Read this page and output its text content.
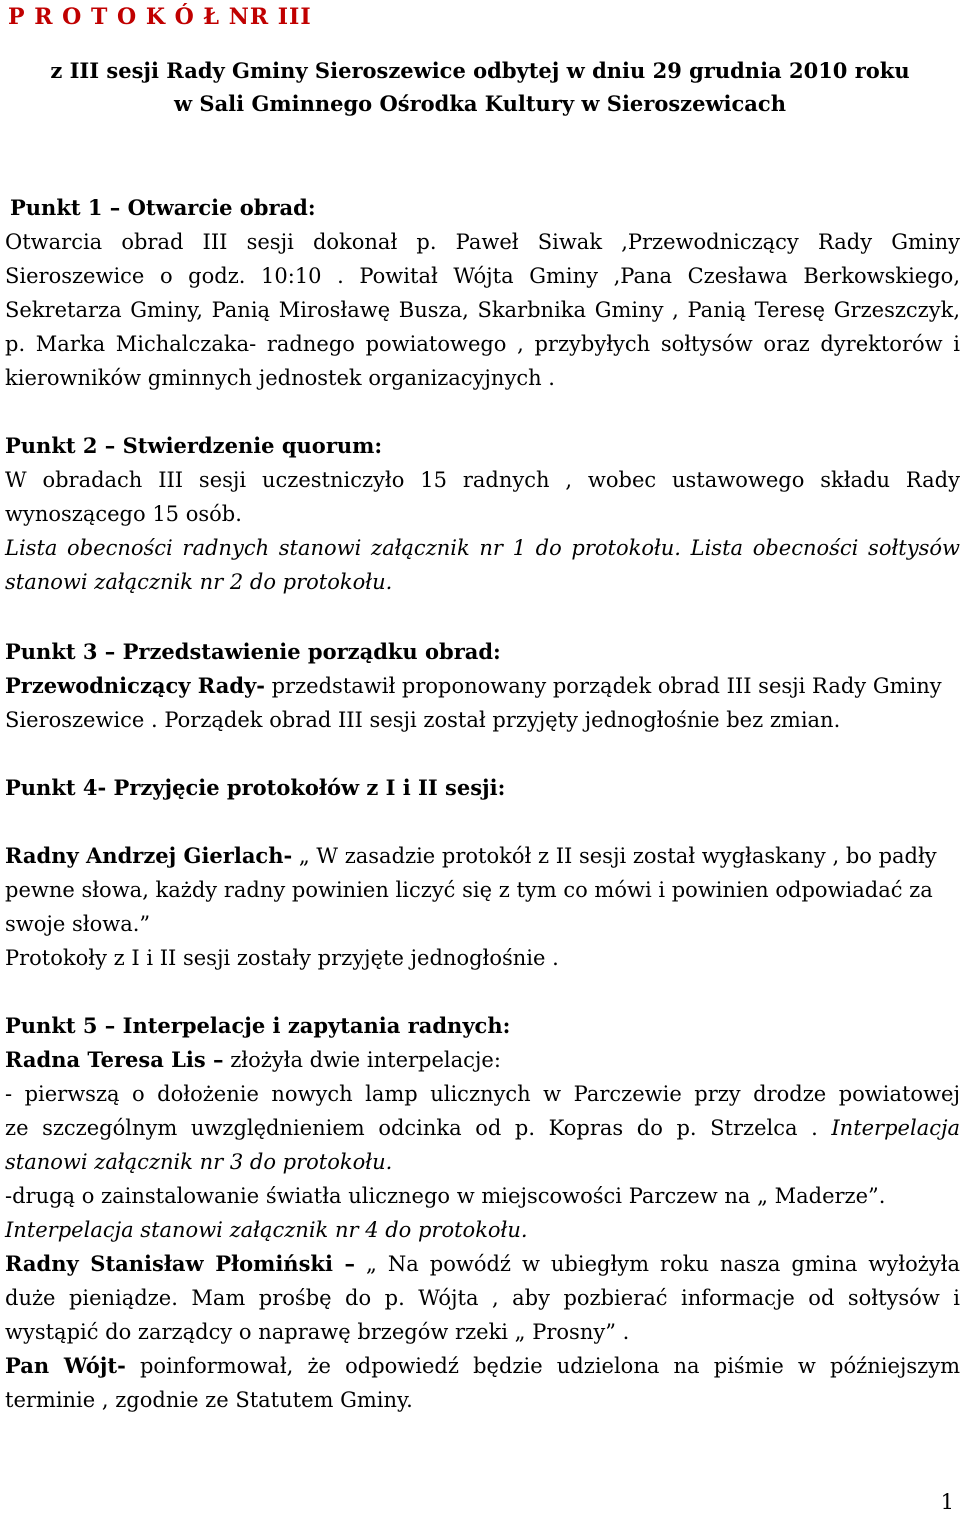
P R O T O K Ó Ł NR III
z III sesji Rady Gminy Sieroszewice odbytej w dniu 29 grudnia 2010 roku
w Sali Gminnego Ośrodka Kultury w Sieroszewicach
Punkt 1 – Otwarcie obrad:
Otwarcia obrad III sesji dokonał p. Paweł Siwak ,Przewodniczący Rady Gminy
Sieroszewice o godz. 10:10 . Powitał Wójta Gminy ,Pana Czesława Berkowskiego,
Sekretarza Gminy, Panią Mirosławę Busza, Skarbnika Gminy , Panią Teresę Grzeszczyk,
p. Marka Michalczaka- radnego powiatowego , przybyłych sołtysów oraz dyrektorów i
kierowników gminnych jednostek organizacyjnych .
Punkt 2 – Stwierdzenie quorum:
W obradach III sesji uczestniczyło 15 radnych , wobec ustawowego składu Rady
wynoszącego 15 osób.
Lista obecności radnych stanowi załącznik nr 1 do protokołu. Lista obecności sołtysów
stanowi załącznik nr 2 do protokołu.
Punkt 3 – Przedstawienie porządku obrad:
Przewodniczący Rady- przedstawił proponowany porządek obrad III sesji Rady Gminy
Sieroszewice . Porządek obrad III sesji został przyjęty jednogłośnie bez zmian.
Punkt 4- Przyjęcie protokołów z I i II sesji:
Radny Andrzej Gierlach- „ W zasadzie protokół z II sesji został wygłaskany , bo padły
pewne słowa, każdy radny powinien liczyć się z tym co mówi i powinien odpowiadać za
swoje słowa.”
Protokoły z I i II sesji zostały przyjęte jednogłośnie .
Punkt 5 – Interpelacje i zapytania radnych:
Radna Teresa Lis – złożyła dwie interpelacje:
- pierwszą o dołożenie nowych lamp ulicznych w Parczewie przy drodze powiatowej
ze szczególnym uwzględnieniem odcinka od p. Kopras do p. Strzelca . Interpelacja
stanowi załącznik nr 3 do protokołu.
-drugą o zainstalowanie światła ulicznego w miejscowości Parczew na „ Maderze”.
Interpelacja stanowi załącznik nr 4 do protokołu.
Radny Stanisław Płomiński – „ Na powódź w ubiegłym roku nasza gmina wyłożyła
duże pieniądze. Mam prośbę do p. Wójta , aby pozbierać informacje od sołtysów i
wystąpić do zarządcy o naprawę brzegów rzeki „ Prosny” .
Pan Wójt- poinformował, że odpowiedź będzie udzielona na piśmie w późniejszym
terminie , zgodnie ze Statutem Gminy.
1
